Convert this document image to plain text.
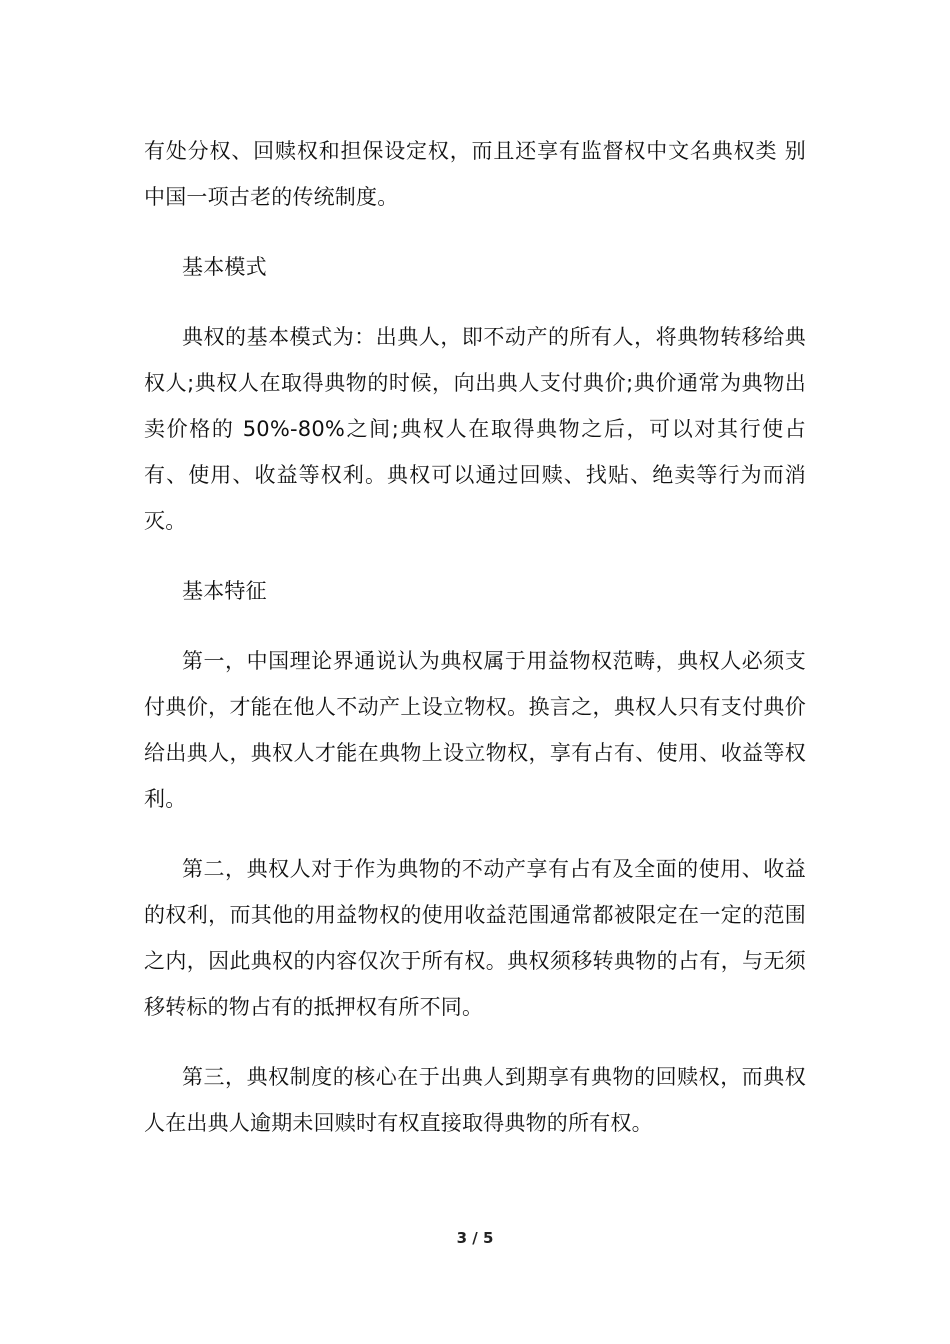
有处分权、回赎权和担保设定权，而且还享有监督权中文名典权类 别中国一项古老的传统制度。

基本模式

典权的基本模式为：出典人，即不动产的所有人，将典物转移给典权人;典权人在取得典物的时候，向出典人支付典价;典价通常为典物出卖价格的 50%-80%之间;典权人在取得典物之后，可以对其行使占有、使用、收益等权利。典权可以通过回赎、找贴、绝卖等行为而消灭。

基本特征

第一，中国理论界通说认为典权属于用益物权范畴，典权人必须支付典价，才能在他人不动产上设立物权。换言之，典权人只有支付典价给出典人，典权人才能在典物上设立物权，享有占有、使用、收益等权利。

第二，典权人对于作为典物的不动产享有占有及全面的使用、收益的权利，而其他的用益物权的使用收益范围通常都被限定在一定的范围之内，因此典权的内容仅次于所有权。典权须移转典物的占有，与无须移转标的物占有的抵押权有所不同。

第三，典权制度的核心在于出典人到期享有典物的回赎权，而典权人在出典人逾期未回赎时有权直接取得典物的所有权。

3 / 5
